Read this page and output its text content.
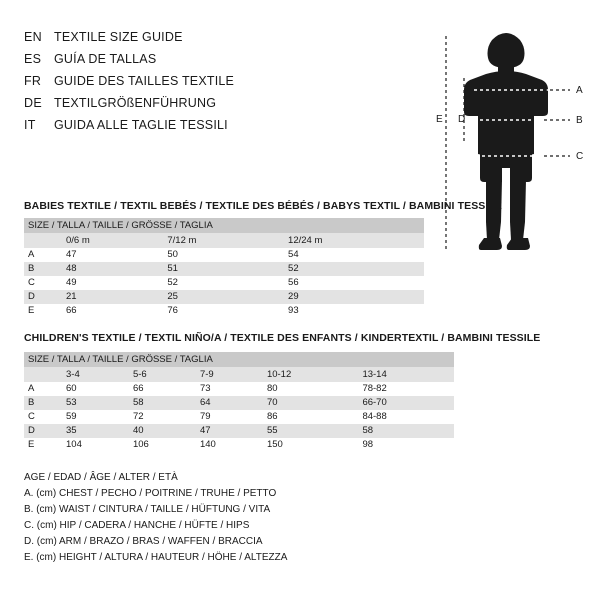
EN TEXTILE SIZE GUIDE
ES	GUÍA DE TALLAS
FR	GUIDE DES TAILLES TEXTILE
DE TEXTILGRÖßENFÜHRUNG
IT	GUIDA ALLE TAGLIE TESSILI
A
B
C
D
E
BABIES TEXTILE / TEXTIL BEBÉS / TEXTILE DES BÉBÉS / BABYS TEXTIL / BAMBINI TESSILE
SIZE / TALLA / TAILLE / GRÖSSE / TAGLIA			
	0/6 m	7/12 m	12/24 m
A	47	50	54
B	48	51	52
C	49	52	56
D	21	25	29
E	66	76	93
CHILDREN'S TEXTILE / TEXTIL NIÑO/A / TEXTILE DES ENFANTS / KINDERTEXTIL / BAMBINI TESSILE
SIZE / TALLA / TAILLE / GRÖSSE / TAGLIA					
	3-4	5-6	7-9	10-12	13-14
A	60	66	73	80	78-82
B	53	58	64	70	66-70
C	59	72	79	86	84-88
D	35	40	47	55	58
E	104	106	140	150	98
AGE / EDAD / ÂGE / ALTER / ETÀ
A. (cm) CHEST / PECHO / POITRINE / TRUHE / PETTO
B. (cm) WAIST / CINTURA / TAILLE / HÜFTUNG / VITA
C. (cm) HIP / CADERA / HANCHE / HÜFTE / HIPS
D. (cm) ARM / BRAZO / BRAS / WAFFEN / BRACCIA
E. (cm) HEIGHT / ALTURA / HAUTEUR / HÖHE / ALTEZZA
